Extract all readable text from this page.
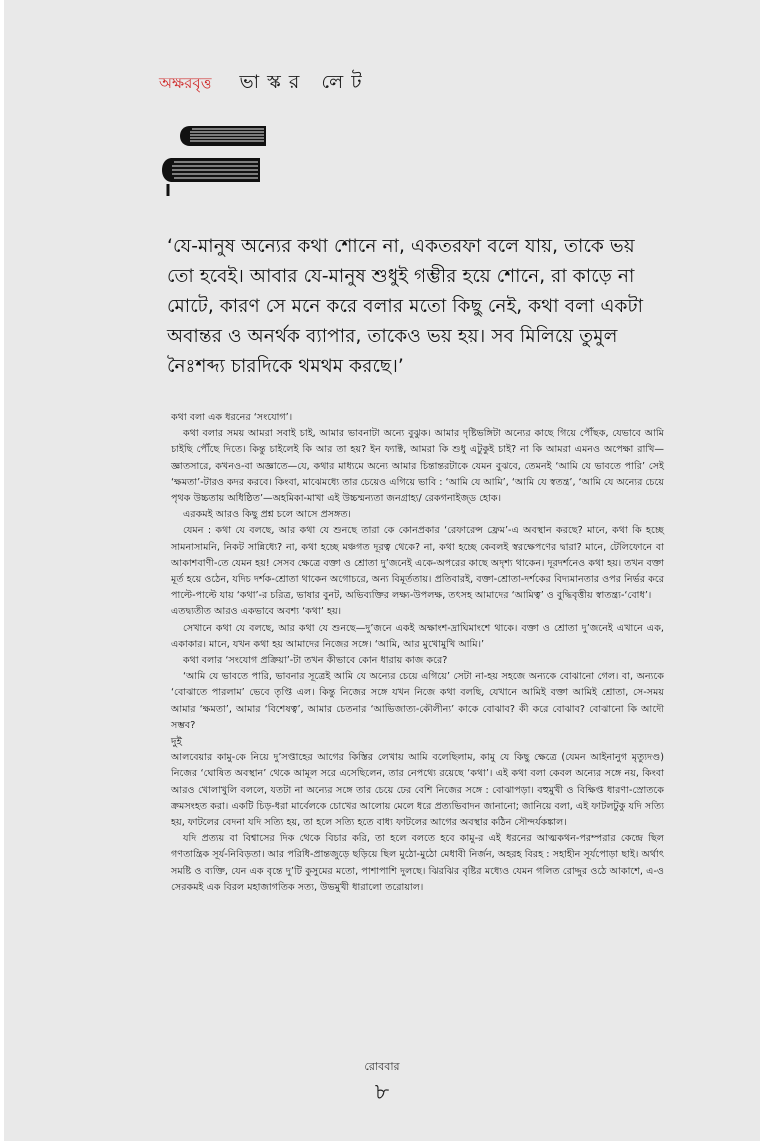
অক্ষরবৃত্ত ভাস্কর লেট

‘যে-মানুষ অন্যের কথা শোনে না, একতরফা বলে যায়, তাকে ভয় তো হবেই। আবার যে-মানুষ শুধুই গম্ভীর হয়ে শোনে, রা কাড়ে না মোটে, কারণ সে মনে করে বলার মতো কিছু নেই, কথা বলা একটা অবান্তর ও অনর্থক ব্যাপার, তাকেও ভয় হয়। সব মিলিয়ে তুমুল নৈঃশব্দ্য চারদিকে থমথম করছে।’

কথা বলা এক ধরনের ‘সংযোগ’।

কথা বলার সময় আমরা সবাই চাই, আমার ভাবনাটা অন্যে বুঝুক। আমার দৃষ্টিভঙ্গিটা অন্যের কাছে গিয়ে পৌঁছক, যেভাবে আমি চাইছি পৌঁছে দিতে। কিন্তু চাইলেই কি আর তা হয়? ইন ফ্যাক্ট, আমরা কি শুধু এটুকুই চাই? না কি আমরা এমনও অপেক্ষা রাখি—জ্ঞাতসারে, কখনও-বা অজ্ঞাতে—যে, কথার মাধ্যমে অন্যে আমার চিন্তান্তরটাকে যেমন বুঝবে, তেমনই ‘আমি যে ভাবতে পারি’ সেই ‘ক্ষমতা’-টারও কদর করবে। কিংবা, মাঝেমধ্যে তার চেয়েও এগিয়ে ভাবি : ‘আমি যে আমি’, ‘আমি যে স্বতন্ত্র’, ‘আমি যে অন্যের চেয়ে পৃথক উচ্চতায় অধিষ্ঠিত’—অহমিকা-মাখা এই উচ্চম্মন্যতা জনগ্রাহ্য/ রেকগনাইজ্ড হোক।

এরকমই আরও কিছু প্রশ্ন চলে আসে প্রসঙ্গত।

যেমন : কথা যে বলছে, আর কথা যে শুনছে তারা কে কোনপ্রকার ‘রেফারেন্স ফ্রেম’-এ অবস্থান করছে? মানে, কথা কি হচ্ছে সামনাসামনি, নিকট সান্নিধ্যে? না, কথা হচ্ছে মঞ্চগত দূরত্ব থেকে? না, কথা হচ্ছে কেবলই স্বরক্ষেপণের দ্বারা? মানে, টেলিফোনে বা আকাশবাণী-তে যেমন হয়! সেসব ক্ষেত্রে বক্তা ও শ্রোতা দু’জনেই একে-অপরের কাছে অদৃশ্য থাকেন। দূরদর্শনেও কথা হয়। তখন বক্তা মূর্ত হয়ে ওঠেন, যদিচ দর্শক-শ্রোতা থাকেন অগোচরে, অন্য বিমূর্ততায়। প্রতিবারই, বক্তা-শ্রোতা-দর্শকের বিদ্যমানতার ওপর নির্ভর করে পাল্টে-পাল্টে যায় ‘কথা’-র চরিত্র, ভাষার বুনট, অভিব্যক্তির লক্ষ্য-উপলক্ষ, তৎসহ আমাদের ‘আমিত্ব’ ও বুদ্ধিবৃত্তীয় স্বাতন্ত্র্য-‘বোধ’।

এতদ্ব্যতীত আরও একভাবে অবশ্য ‘কথা’ হয়।

সেখানে কথা যে বলছে, আর কথা যে শুনছে—দু’জনে একই অক্ষাংশ-দ্রাঘিমাংশে থাকে। বক্তা ও শ্রোতা দু’জনেই এখানে এক, একাকার। মানে, যখন কথা হয় আমাদের নিজের সঙ্গে। ‘আমি, আর মুখোমুখি আমি।’

কথা বলার ‘সংযোগ প্রক্রিয়া’-টা তখন কীভাবে কোন ধারায় কাজ করে?

‘আমি যে ভাবতে পারি, ভাবনার সূত্রেই আমি যে অন্যের চেয়ে এগিয়ে’ সেটা না-হয় সহজে অন্যকে বোঝানো গেল। বা, অন্যকে ‘বোঝাতে পারলাম’ ভেবে তৃপ্তি এল। কিন্তু নিজের সঙ্গে যখন নিজে কথা বলছি, যেখানে আমিই বক্তা আমিই শ্রোতা, সে-সময় আমার ‘ক্ষমতা’, আমার ‘বিশেষত্ব’, আমার চেতনার ‘আভিজাত্য-কৌলীন্য’ কাকে বোঝাব? কী করে বোঝাব? বোঝানো কি আদৌ সম্ভব?

দুই

আলবেয়ার কামু-কে নিয়ে দু’সপ্তাহের আগের কিস্তির লেখায় আমি বলেছিলাম, কামু যে কিছু ক্ষেত্রে (যেমন আইনানুগ মৃত্যুদণ্ড) নিজের ‘ঘোষিত অবস্থান’ থেকে আমূল সরে এসেছিলেন, তার নেপথ্যে রয়েছে ‘কথা’। এই কথা বলা কেবল অন্যের সঙ্গে নয়, কিংবা আরও খোলাখুলি বললে, যতটা না অন্যের সঙ্গে তার চেয়ে ঢের বেশি নিজের সঙ্গে : বোঝাপড়া। বহুমুখী ও বিক্ষিপ্ত ধারণা-স্রোতকে ক্রমসংহত করা। একটি চিড়-ধরা মার্বেলকে চোখের আলোয় মেলে ধরে প্রত্যভিবাদন জানানো; জানিয়ে বলা, এই ফাটলটুকু যদি সত্যি হয়, ফাটলের বেদনা যদি সত্যি হয়, তা হলে সত্যি হতে বাধ্য ফাটলের আগের অবস্থার কঠিন সৌন্দর্যকঙ্কাল।

যদি প্রত্যয় বা বিশ্বাসের দিক থেকে বিচার করি, তা হলে বলতে হবে কামু-র এই ধরনের আত্মকথন-পরম্পরার কেন্দ্রে ছিল গণতান্ত্রিক সূর্য-নিবিড়তা। আর পরিধি-প্রান্তজুড়ে ছড়িয়ে ছিল মুঠো-মুঠো মেধাবী নির্জন, অহরহ বিরহ : সহাহীন সূর্যপোড়া ছাই। অর্থাৎ সমষ্টি ও ব্যক্তি, যেন এক বৃন্তে দু’টি কুসুমের মতো, পাশাপাশি দুলছে। ঝিরঝির বৃষ্টির মধ্যেও যেমন গলিত রোদ্দুর ওঠে আকাশে, এ-ও সেরকমই এক বিরল মহাজাগতিক সত্য, উভমুখী ধারালো তরোয়াল।

রোববার
৮
